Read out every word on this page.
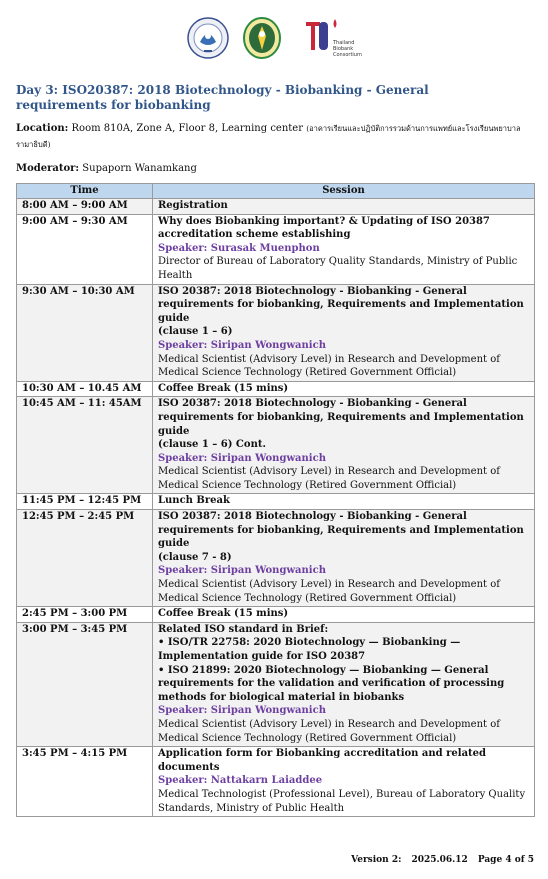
Thailand
Biobank
Consortium
Day 3: ISO20387: 2018 Biotechnology - Biobanking - General requirements for biobanking
Location: Room 810A, Zone A, Floor 8, Learning center (อาคารเรียนและปฏิบัติการรวมด้านการแพทย์และโรงเรียนพยาบาลรามาธิบดี)
Moderator: Supaporn Wanamkang
Time	Session
8:00 AM – 9:00 AM	Registration

9:00 AM – 9:30 AM	Why does Biobanking important? & Updating of ISO 20387 accreditation scheme establishing
Speaker: Surasak Muenphon
Director of Bureau of Laboratory Quality Standards, Ministry of Public Health

9:30 AM – 10:30 AM	ISO 20387: 2018 Biotechnology - Biobanking - General requirements for biobanking, Requirements and Implementation guide
(clause 1 – 6)
Speaker: Siripan Wongwanich
Medical Scientist (Advisory Level) in Research and Development of Medical Science Technology (Retired Government Official)

10:30 AM – 10.45 AM	Coffee Break (15 mins)

10:45 AM – 11: 45AM	ISO 20387: 2018 Biotechnology - Biobanking - General requirements for biobanking, Requirements and Implementation guide
(clause 1 – 6) Cont.
Speaker: Siripan Wongwanich
Medical Scientist (Advisory Level) in Research and Development of Medical Science Technology (Retired Government Official)

11:45 PM – 12:45 PM	Lunch Break

12:45 PM – 2:45 PM	ISO 20387: 2018 Biotechnology - Biobanking - General requirements for biobanking, Requirements and Implementation guide
(clause 7 - 8)
Speaker: Siripan Wongwanich
Medical Scientist (Advisory Level) in Research and Development of Medical Science Technology (Retired Government Official)

2:45 PM – 3:00 PM	Coffee Break (15 mins)

3:00 PM – 3:45 PM	Related ISO standard in Brief:
• ISO/TR 22758: 2020 Biotechnology — Biobanking — Implementation guide for ISO 20387
• ISO 21899: 2020 Biotechnology — Biobanking — General requirements for the validation and verification of processing methods for biological material in biobanks
Speaker: Siripan Wongwanich
Medical Scientist (Advisory Level) in Research and Development of Medical Science Technology (Retired Government Official)

3:45 PM – 4:15 PM	Application form for Biobanking accreditation and related documents
Speaker: Nattakarn Laiaddee
Medical Technologist (Professional Level), Bureau of Laboratory Quality Standards, Ministry of Public Health
Version 2: 2025.06.12 Page 4 of 5
